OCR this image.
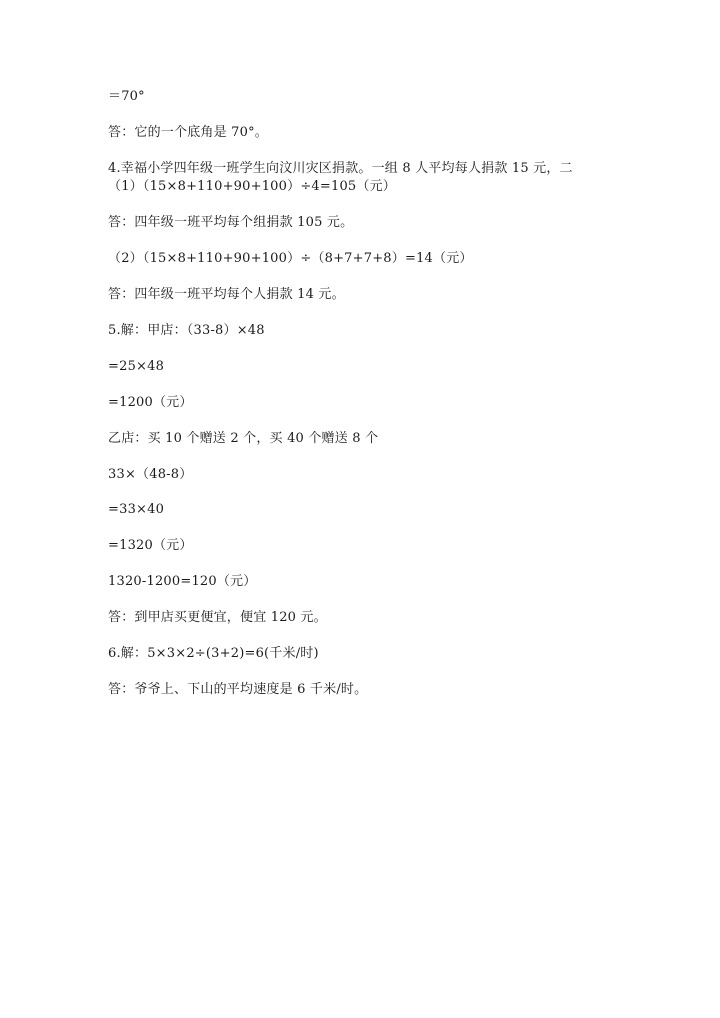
＝70°
答：它的一个底角是 70°。
4.幸福小学四年级一班学生向汶川灾区捐款。一组 8 人平均每人捐款 15 元，二
（1）（15×8+110+90+100）÷4=105（元）
答：四年级一班平均每个组捐款 105 元。
（2）（15×8+110+90+100）÷（8+7+7+8）=14（元）
答：四年级一班平均每个人捐款 14 元。
5.解：甲店：（33-8）×48
=25×48
=1200（元）
乙店：买 10 个赠送 2 个，买 40 个赠送 8 个
33×（48-8）
=33×40
=1320（元）
1320-1200=120（元）
答：到甲店买更便宜，便宜 120 元。
6.解：5×3×2÷(3+2)=6(千米/时)
答：爷爷上、下山的平均速度是 6 千米/时。
